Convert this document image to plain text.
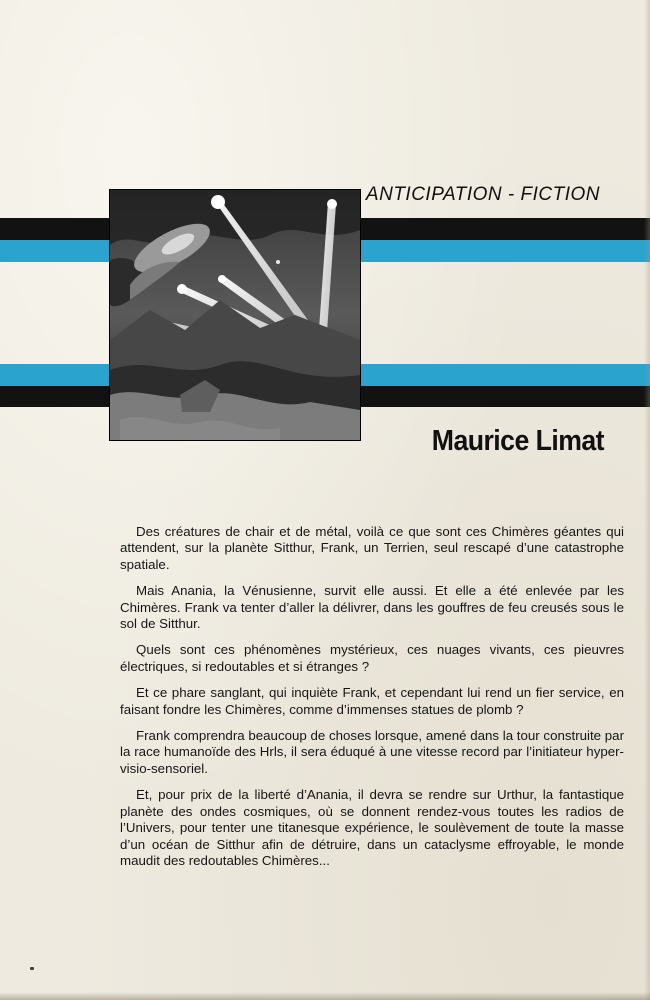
ANTICIPATION - FICTION
Maurice Limat

Des créatures de chair et de métal, voilà ce que sont ces Chimères géantes qui attendent, sur la planète Sitthur, Frank, un Terrien, seul rescapé d’une catastrophe spatiale.

Mais Anania, la Vénusienne, survit elle aussi. Et elle a été enlevée par les Chimères. Frank va tenter d’aller la délivrer, dans les gouffres de feu creusés sous le sol de Sitthur.

Quels sont ces phénomènes mystérieux, ces nuages vivants, ces pieuvres électriques, si redoutables et si étranges ?

Et ce phare sanglant, qui inquiète Frank, et cependant lui rend un fier service, en faisant fondre les Chimères, comme d’immenses statues de plomb ?

Frank comprendra beaucoup de choses lorsque, amené dans la tour construite par la race humanoïde des Hrls, il sera éduqué à une vitesse record par l’initiateur hyper-visio-sensoriel.

Et, pour prix de la liberté d’Anania, il devra se rendre sur Urthur, la fantastique planète des ondes cosmiques, où se donnent rendez-vous toutes les radios de l’Univers, pour tenter une titanesque expérience, le soulèvement de toute la masse d’un océan de Sitthur afin de détruire, dans un cataclysme effroyable, le monde maudit des redoutables Chimères...
